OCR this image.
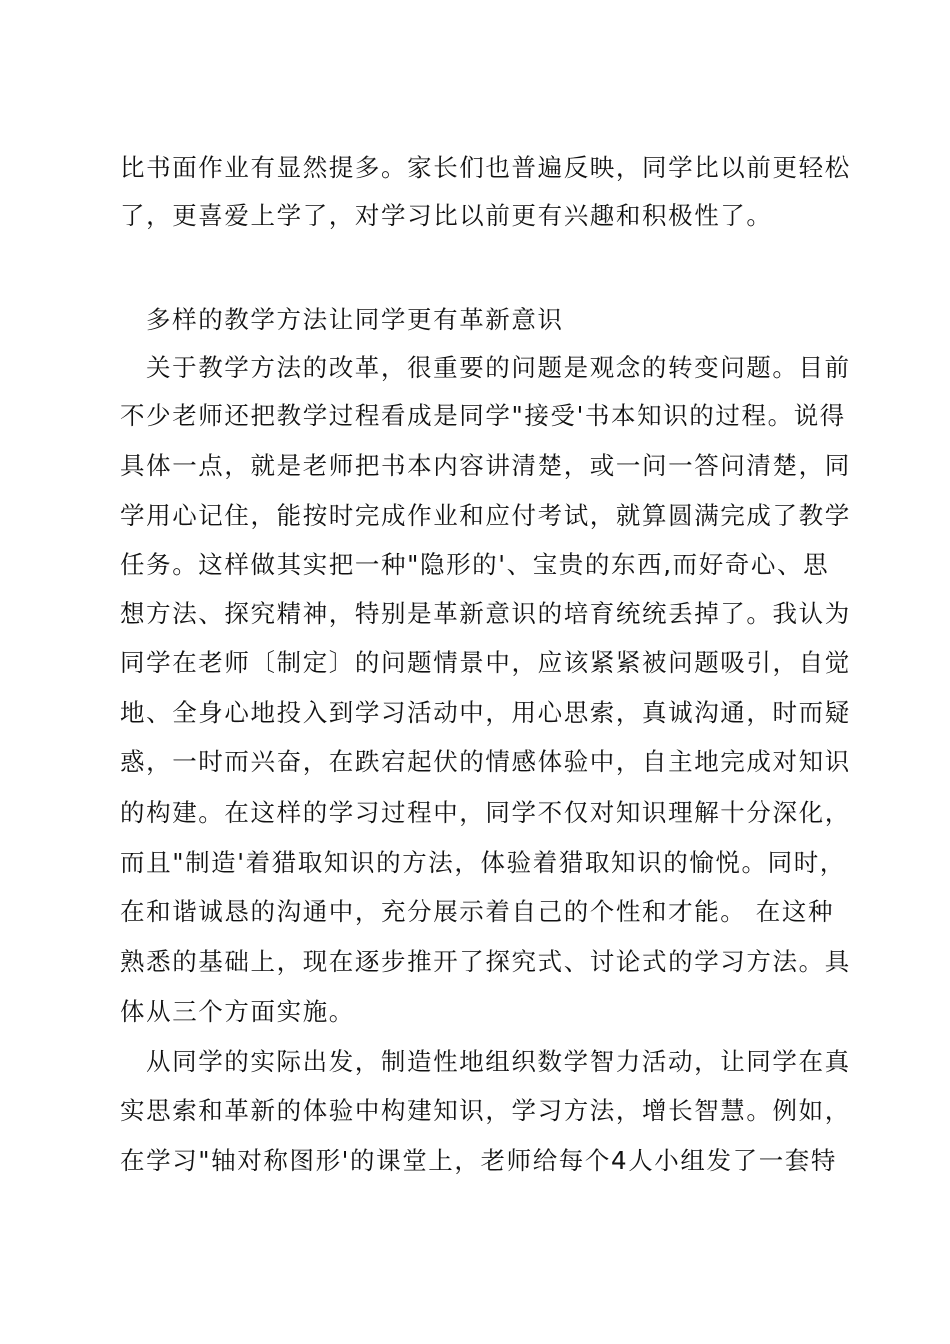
比书面作业有显然提多。家长们也普遍反映，同学比以前更轻松
了，更喜爱上学了，对学习比以前更有兴趣和积极性了。
多样的教学方法让同学更有革新意识
关于教学方法的改革，很重要的问题是观念的转变问题。目前
不少老师还把教学过程看成是同学"接受'书本知识的过程。说得
具体一点，就是老师把书本内容讲清楚，或一问一答问清楚，同
学用心记住，能按时完成作业和应付考试，就算圆满完成了教学
任务。这样做其实把一种"隐形的'、宝贵的东西,而好奇心、思
想方法、探究精神，特别是革新意识的培育统统丢掉了。我认为
同学在老师〔制定〕的问题情景中，应该紧紧被问题吸引，自觉
地、全身心地投入到学习活动中，用心思索，真诚沟通，时而疑
惑，一时而兴奋，在跌宕起伏的情感体验中，自主地完成对知识
的构建。在这样的学习过程中，同学不仅对知识理解十分深化，
而且"制造'着猎取知识的方法，体验着猎取知识的愉悦。同时，
在和谐诚恳的沟通中，充分展示着自己的个性和才能。 在这种
熟悉的基础上，现在逐步推开了探究式、讨论式的学习方法。具
体从三个方面实施。
从同学的实际出发，制造性地组织数学智力活动，让同学在真
实思索和革新的体验中构建知识，学习方法，增长智慧。例如，
在学习"轴对称图形'的课堂上，老师给每个4人小组发了一套特
